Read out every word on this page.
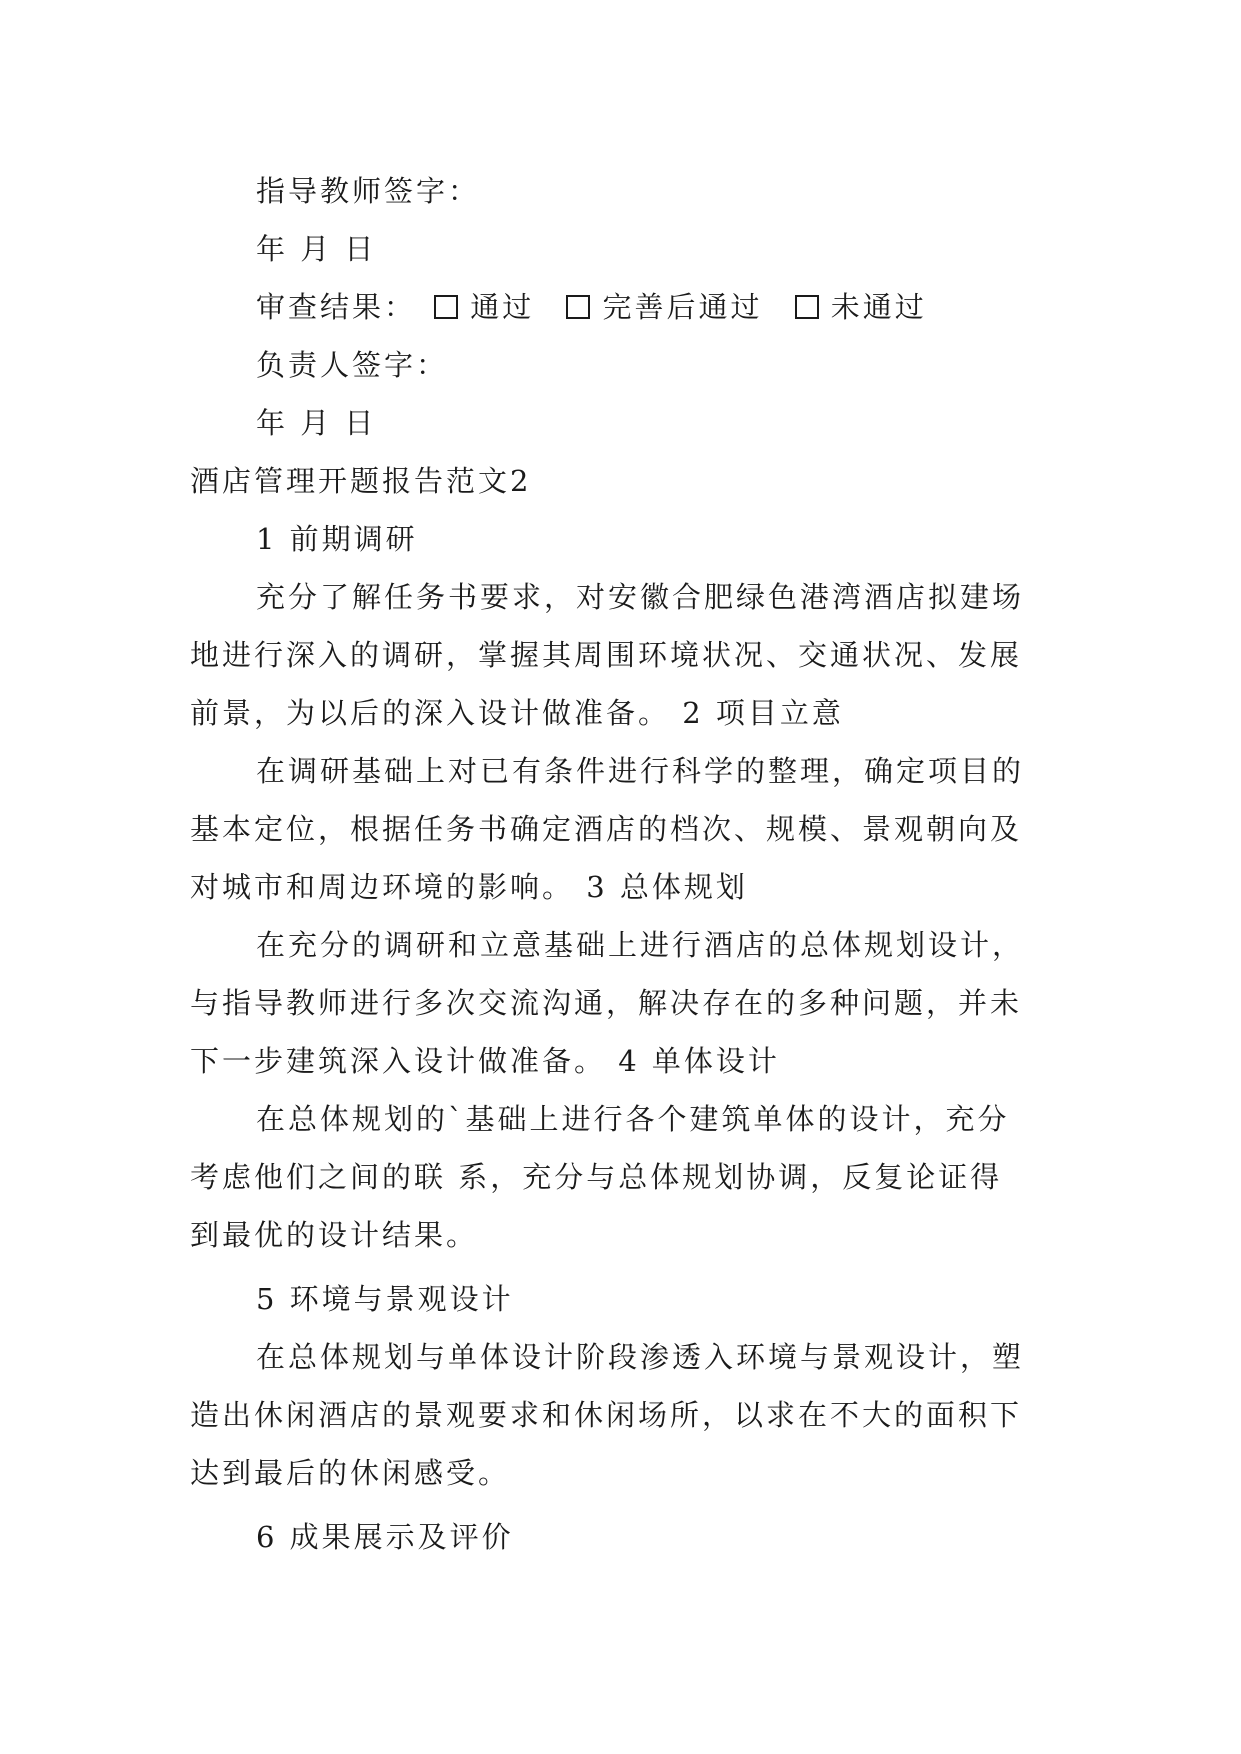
指导教师签字：
年 月 日
审查结果： 通过 完善后通过 未通过
负责人签字：
年 月 日
酒店管理开题报告范文2
1 前期调研
充分了解任务书要求，对安徽合肥绿色港湾酒店拟建场
地进行深入的调研，掌握其周围环境状况、交通状况、发展
前景，为以后的深入设计做准备。 2 项目立意
在调研基础上对已有条件进行科学的整理，确定项目的
基本定位，根据任务书确定酒店的档次、规模、景观朝向及
对城市和周边环境的影响。 3 总体规划
在充分的调研和立意基础上进行酒店的总体规划设计，
与指导教师进行多次交流沟通，解决存在的多种问题，并未
下一步建筑深入设计做准备。 4 单体设计
在总体规划的`基础上进行各个建筑单体的设计，充分
考虑他们之间的联 系，充分与总体规划协调，反复论证得
到最优的设计结果。
5 环境与景观设计
在总体规划与单体设计阶段渗透入环境与景观设计，塑
造出休闲酒店的景观要求和休闲场所，以求在不大的面积下
达到最后的休闲感受。
6 成果展示及评价
